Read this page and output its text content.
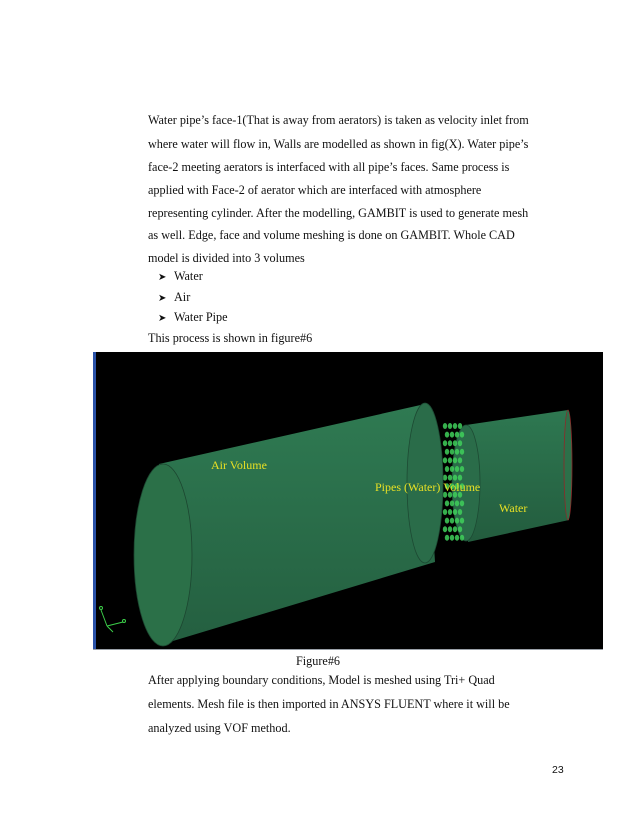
Water pipe’s face-1(That is away from aerators) is taken as velocity inlet from
where water will flow in, Walls are modelled as shown in fig(X). Water pipe’s
face-2 meeting aerators is interfaced with all pipe’s faces. Same process is
applied with Face-2 of aerator which are interfaced with atmosphere
representing cylinder. After the modelling, GAMBIT is used to generate mesh
as well. Edge, face and volume meshing is done on GAMBIT. Whole CAD
model is divided into 3 volumes
➤ Water
➤ Air
➤ Water Pipe
This process is shown in figure#6
Air Volume
Pipes (Water) Volume
Water
Figure#6
After applying boundary conditions, Model is meshed using Tri+ Quad
elements. Mesh file is then imported in ANSYS FLUENT where it will be
analyzed using VOF method.
23
